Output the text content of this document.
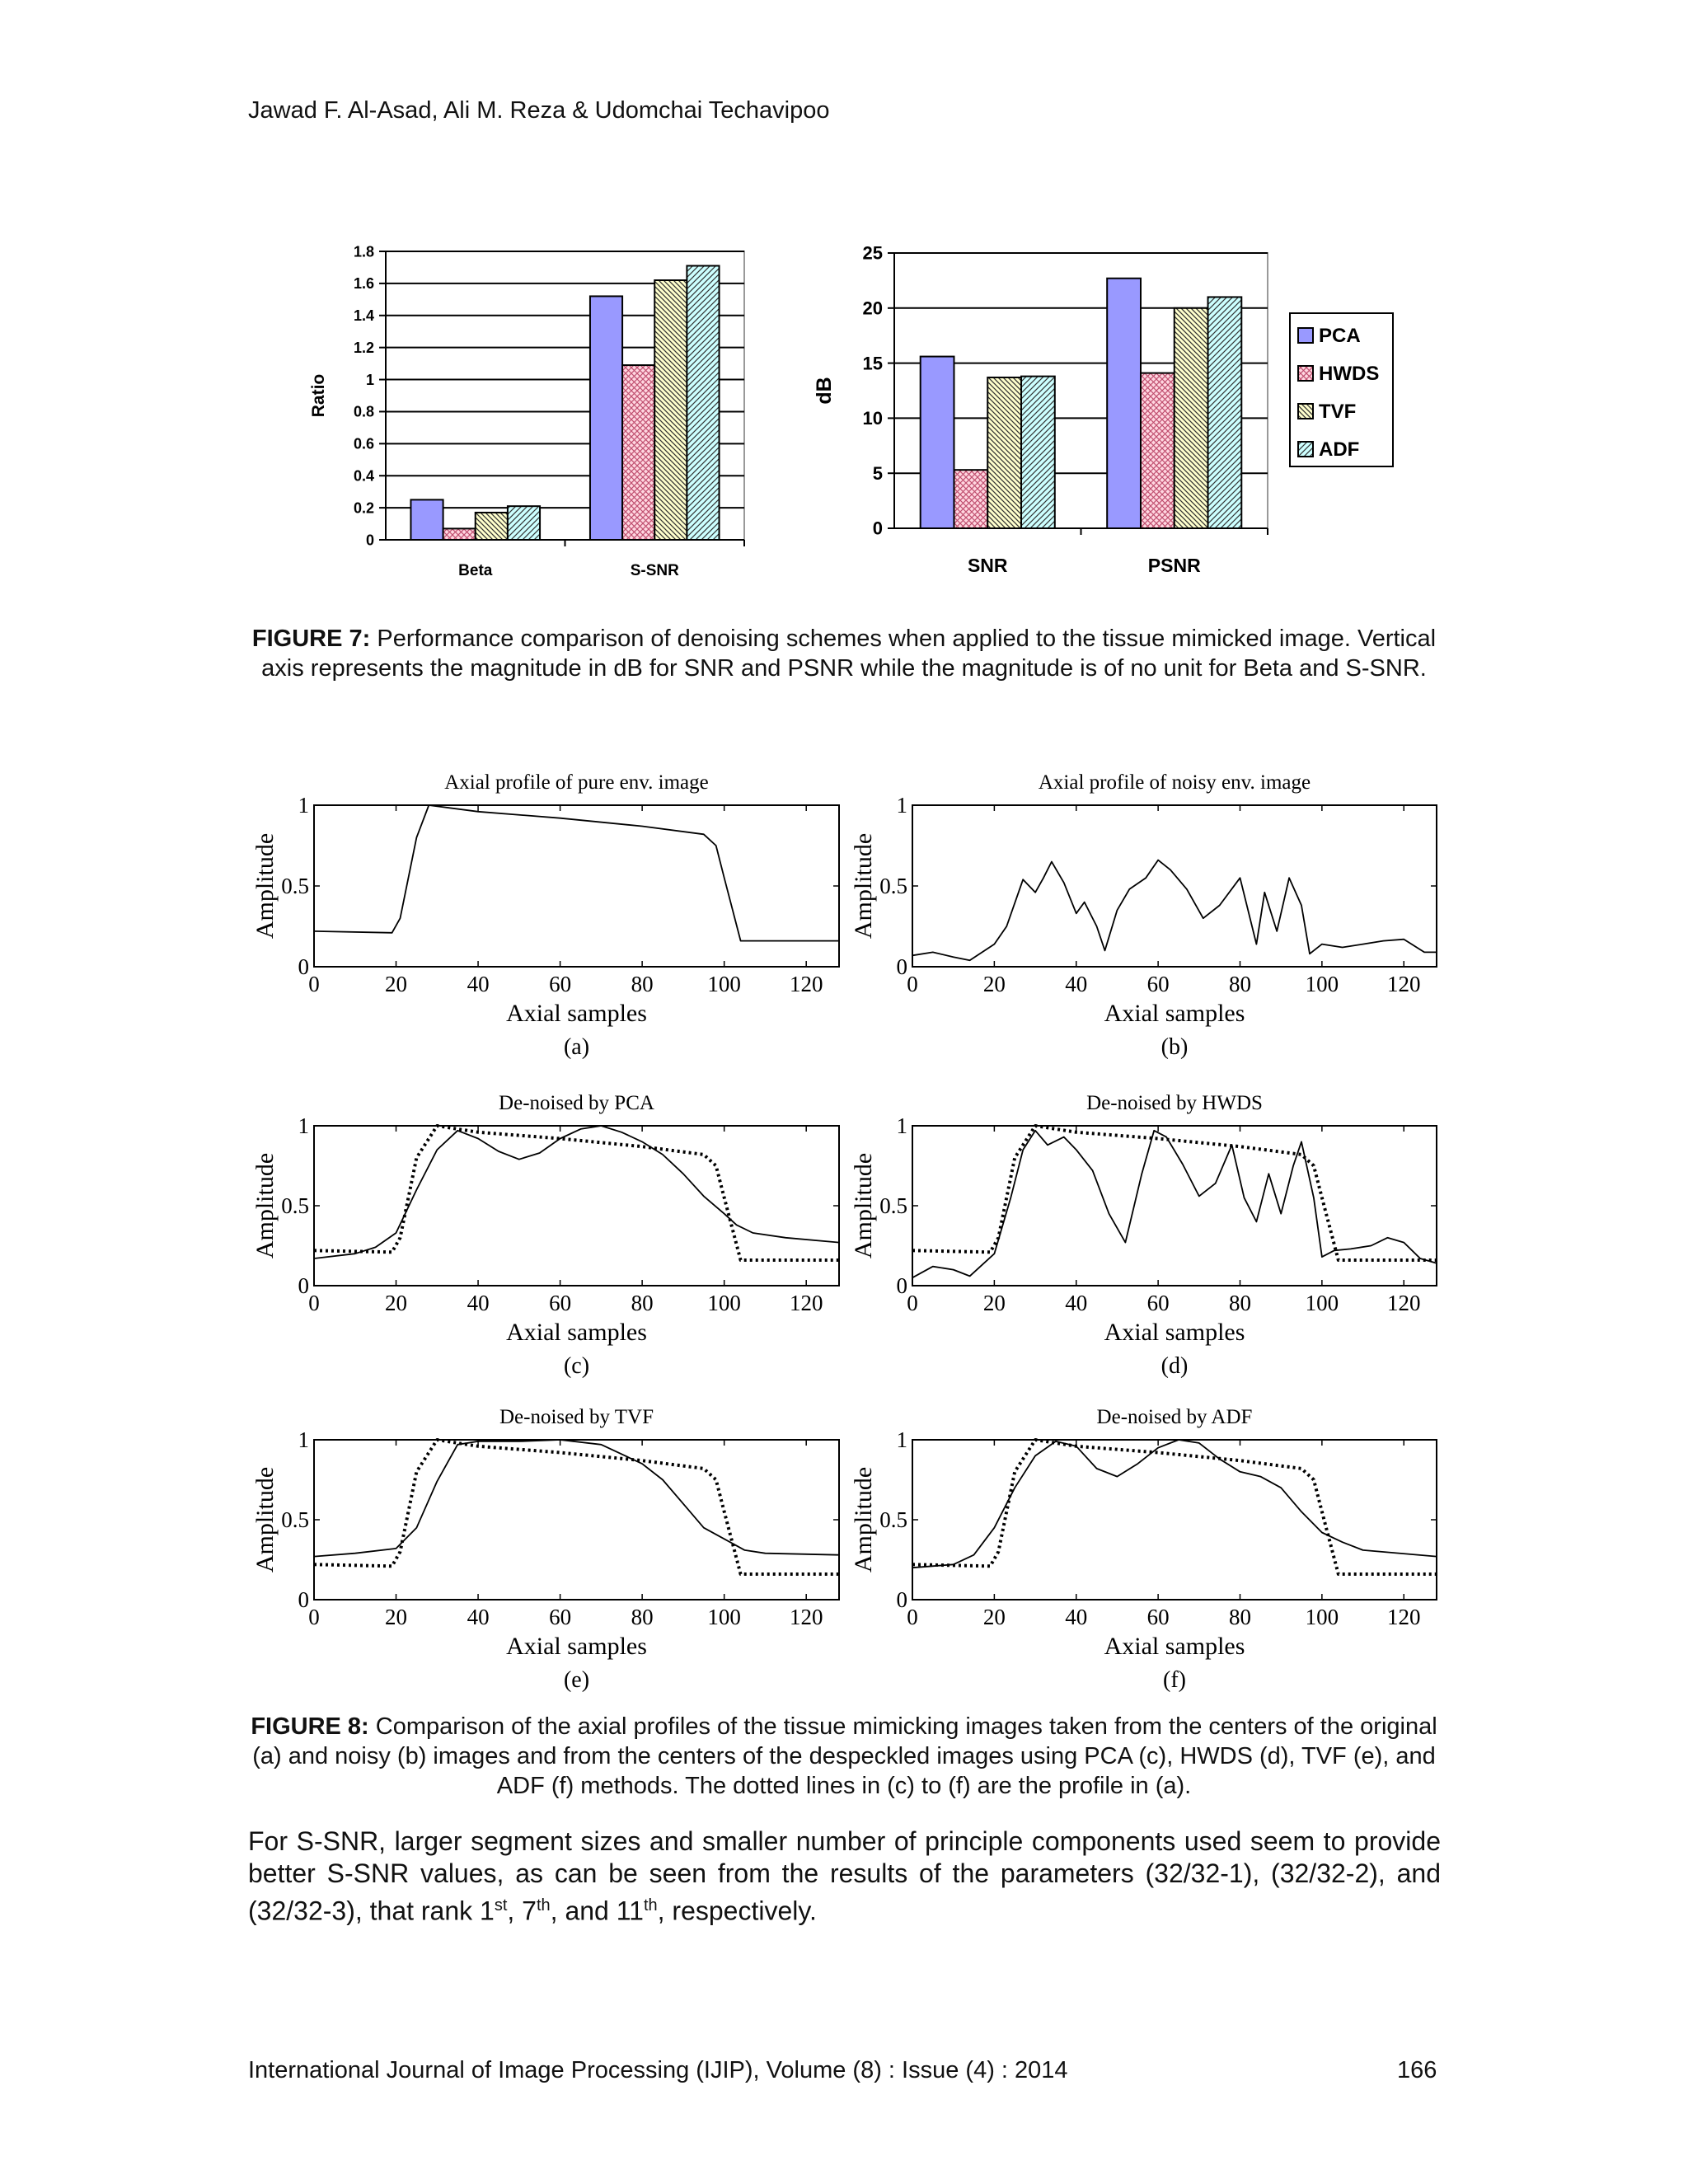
Jawad F. Al-Asad, Ali M. Reza & Udomchai Techavipoo
0
0.2
0.4
0.6
0.8
1
1.2
1.4
1.6
1.8
Beta	S-SNR
Ratio
0
5
10
15
20
25
SNR	PSNR
dB
PCA
HWDS
TVF
ADF
FIGURE 7: Performance comparison of denoising schemes when applied to the tissue mimicked image. Vertical axis represents the magnitude in dB for SNR and PSNR while the magnitude is of no unit for Beta and S-SNR.
Axial profile of pure env. image
0	20	40	60	80 100 120
0
0.5
1
Axial samples
Amplitude
(a)
Axial profile of noisy env. image
0	20	40	60	80 100 120
0
0.5
1
Axial samples
Amplitude
(b)
De-noised by PCA
0	20	40	60	80 100 120
0
0.5
1
Axial samples
Amplitude
(c)
De-noised by HWDS
0	20	40	60	80 100 120
0
0.5
1
Axial samples
Amplitude
(d)
De-noised by TVF
0	20	40	60	80 100 120
0
0.5
1
Axial samples
Amplitude
(e)
De-noised by ADF
0	20	40	60	80 100 120
0
0.5
1
Axial samples
Amplitude
(f)
FIGURE 8: Comparison of the axial profiles of the tissue mimicking images taken from the centers of the original (a) and noisy (b) images and from the centers of the despeckled images using PCA (c), HWDS (d), TVF (e), and ADF (f) methods. The dotted lines in (c) to (f) are the profile in (a).
For S-SNR, larger segment sizes and smaller number of principle components used seem to provide better S-SNR values, as can be seen from the results of the parameters (32/32-1), (32/32-2), and (32/32-3), that rank 1st, 7th, and 11th, respectively.
International Journal of Image Processing (IJIP), Volume (8) : Issue (4) : 2014	166
